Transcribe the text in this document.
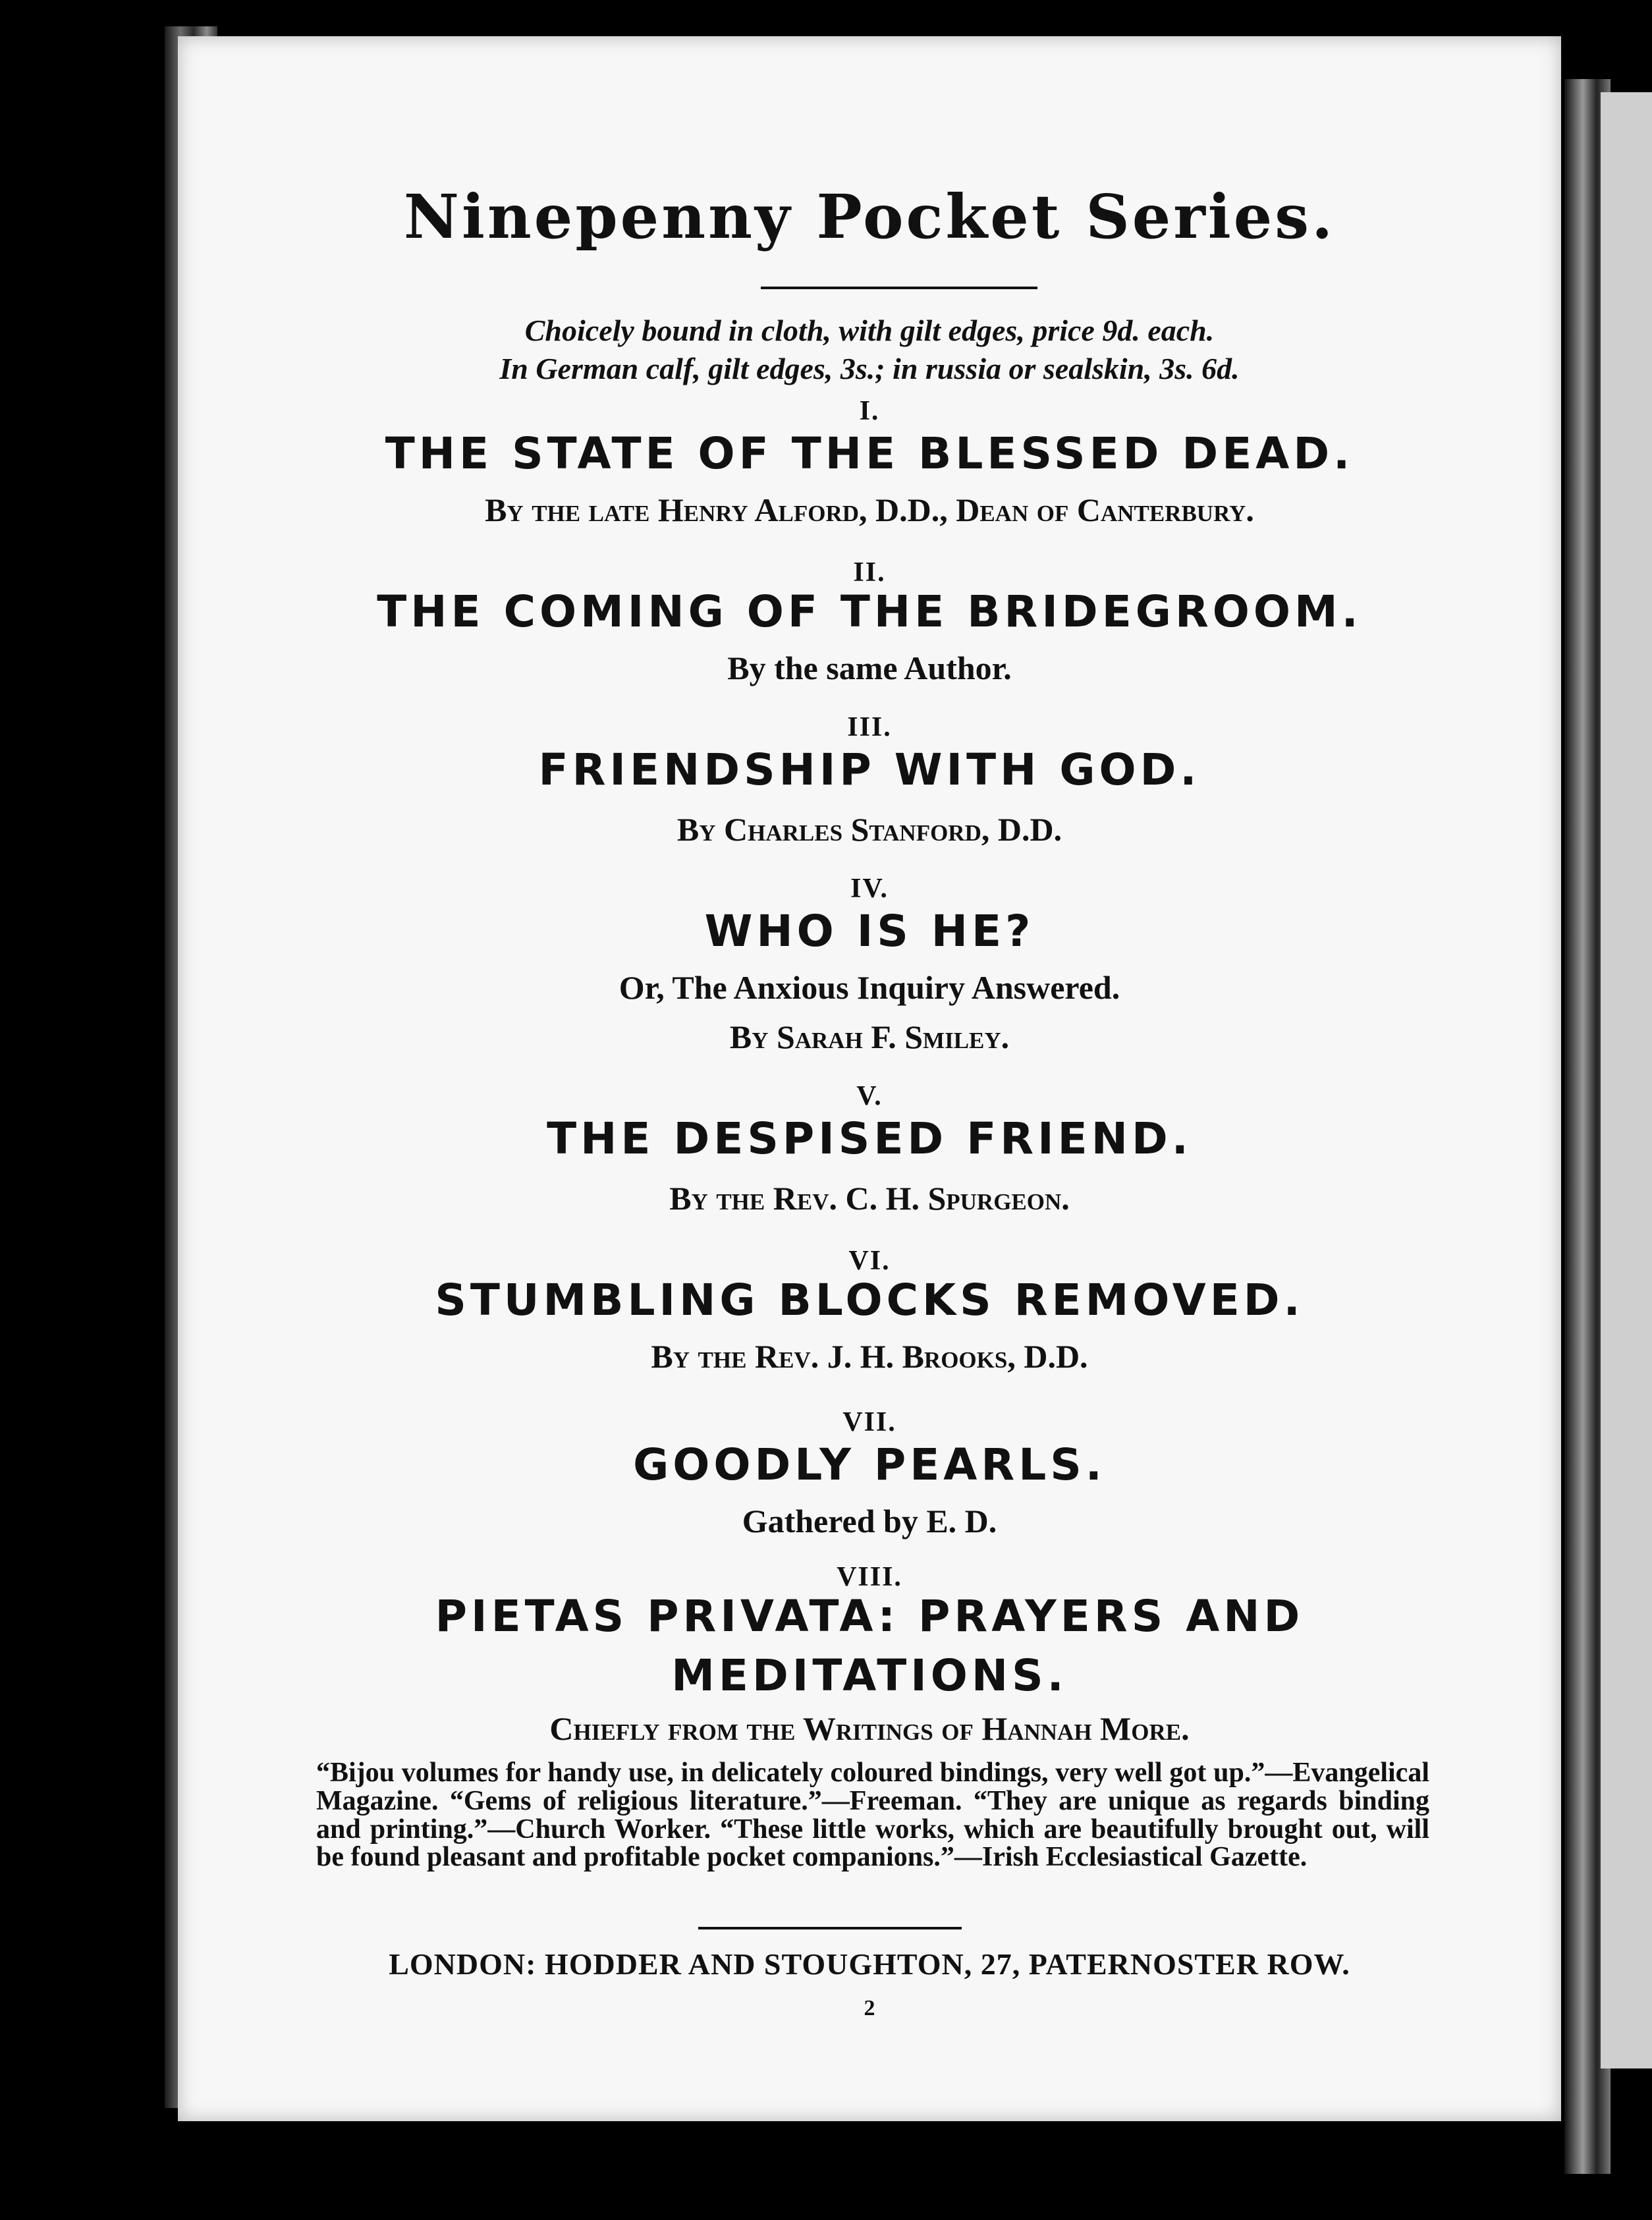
Ninepenny Pocket Series.
Choicely bound in cloth, with gilt edges, price 9d. each.
In German calf, gilt edges, 3s.; in russia or sealskin, 3s. 6d.
I.
THE STATE OF THE BLESSED DEAD.
By the late Henry Alford, D.D., Dean of Canterbury.
II.
THE COMING OF THE BRIDEGROOM.
By the same Author.
III.
FRIENDSHIP WITH GOD.
By Charles Stanford, D.D.
IV.
WHO IS HE?
Or, The Anxious Inquiry Answered.
By Sarah F. Smiley.
V.
THE DESPISED FRIEND.
By the Rev. C. H. Spurgeon.
VI.
STUMBLING BLOCKS REMOVED.
By the Rev. J. H. Brooks, D.D.
VII.
GOODLY PEARLS.
Gathered by E. D.
VIII.
PIETAS PRIVATA: PRAYERS AND
MEDITATIONS.
Chiefly from the Writings of Hannah More.
“Bijou volumes for handy use, in delicately coloured bindings, very well got up.”—Evangelical Magazine. “Gems of religious literature.”—Freeman. “They are unique as regards binding and printing.”—Church Worker. “These little works, which are beautifully brought out, will be found pleasant and profitable pocket companions.”—Irish Ecclesiastical Gazette.
LONDON: HODDER AND STOUGHTON, 27, PATERNOSTER ROW.
2
